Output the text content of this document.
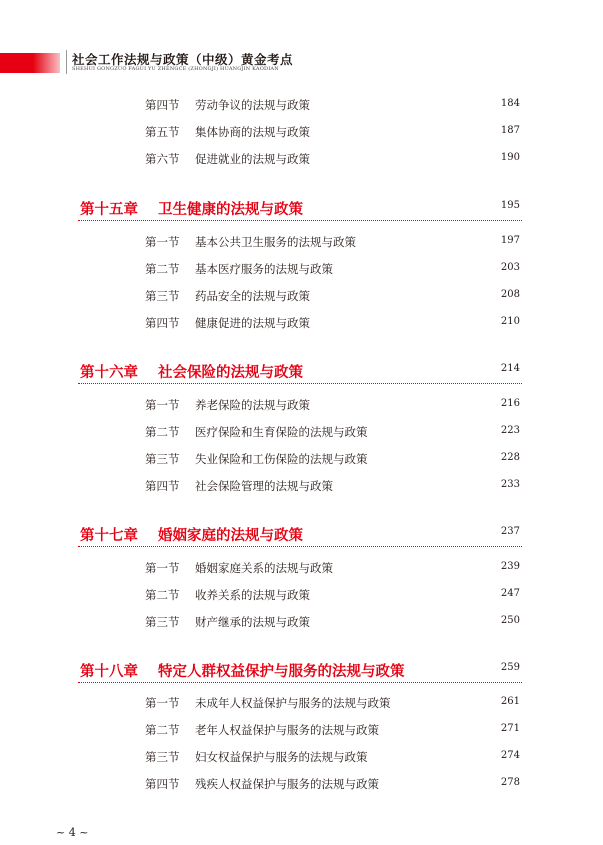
社会工作法规与政策（中级）黄金考点
SHEHUI GONGZUO FAGUI YU ZHENGCE (ZHONGJI) HUANGJIN KAODIAN
第四节 劳动争议的法规与政策	184
第五节 集体协商的法规与政策	187
第六节 促进就业的法规与政策	190
第十五章 卫生健康的法规与政策	195
第一节 基本公共卫生服务的法规与政策	197
第二节 基本医疗服务的法规与政策	203
第三节 药品安全的法规与政策	208
第四节 健康促进的法规与政策	210
第十六章 社会保险的法规与政策	214
第一节 养老保险的法规与政策	216
第二节 医疗保险和生育保险的法规与政策	223
第三节 失业保险和工伤保险的法规与政策	228
第四节 社会保险管理的法规与政策	233
第十七章 婚姻家庭的法规与政策	237
第一节 婚姻家庭关系的法规与政策	239
第二节 收养关系的法规与政策	247
第三节 财产继承的法规与政策	250
第十八章 特定人群权益保护与服务的法规与政策	259
第一节 未成年人权益保护与服务的法规与政策	261
第二节 老年人权益保护与服务的法规与政策	271
第三节 妇女权益保护与服务的法规与政策	274
第四节 残疾人权益保护与服务的法规与政策	278
~ 4 ~
